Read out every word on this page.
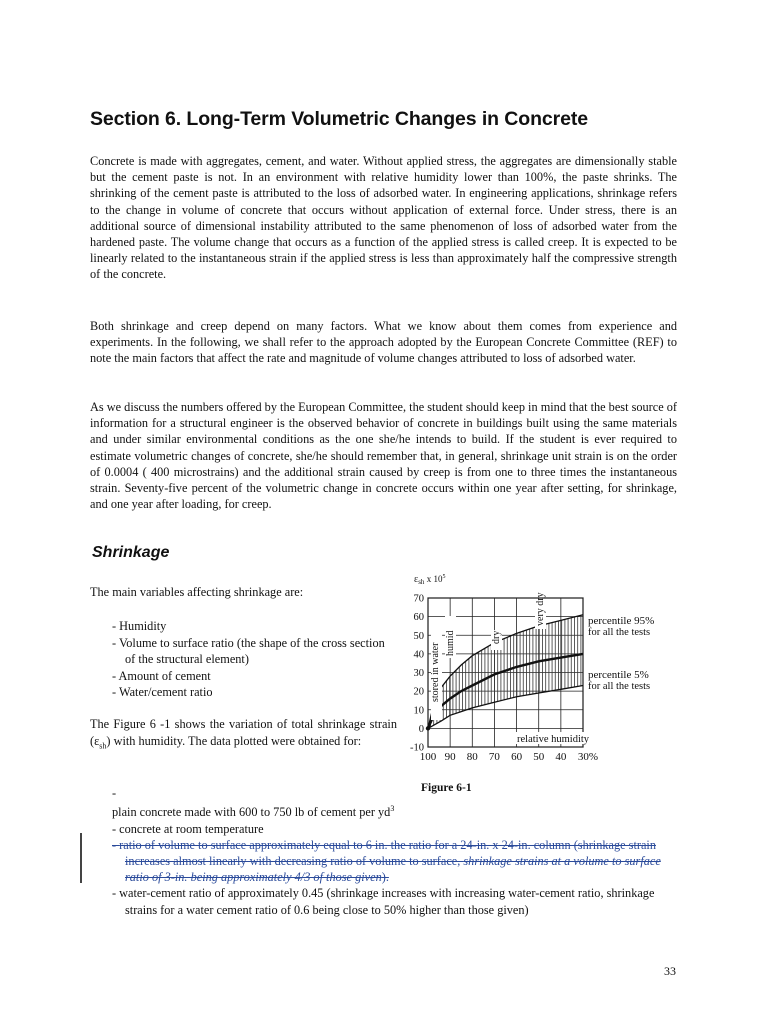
Section 6. Long-Term Volumetric Changes in Concrete

Concrete is made with aggregates, cement, and water. Without applied stress, the aggregates are dimensionally stable but the cement paste is not. In an environment with relative humidity lower than 100%, the paste shrinks. The shrinking of the cement paste is attributed to the loss of adsorbed water. In engineering applications, shrinkage refers to the change in volume of concrete that occurs without application of external force. Under stress, there is an additional source of dimensional instability attributed to the same phenomenon of loss of adsorbed water from the hardened paste. The volume change that occurs as a function of the applied stress is called creep. It is expected to be linearly related to the instantaneous strain if the applied stress is less than approximately half the compressive strength of the concrete.

Both shrinkage and creep depend on many factors. What we know about them comes from experience and experiments. In the following, we shall refer to the approach adopted by the European Concrete Committee (REF) to note the main factors that affect the rate and magnitude of volume changes attributed to loss of adsorbed water.

As we discuss the numbers offered by the European Committee, the student should keep in mind that the best source of information for a structural engineer is the observed behavior of concrete in buildings built using the same materials and under similar environmental conditions as the one she/he intends to build. If the student is ever required to estimate volumetric changes of concrete, she/he should remember that, in general, shrinkage unit strain is on the order of 0.0004 ( 400 microstrains) and the additional strain caused by creep is from one to three times the instantaneous strain. Seventy-five percent of the volumetric change in concrete occurs within one year after setting, for shrinkage, and one year after loading, for creep.

Shrinkage
The main variables affecting shrinkage are:
- Humidity
- Volume to surface ratio (the shape of the cross section of the structural element)
- Amount of cement
- Water/cement ratio

The Figure 6 -1 shows the variation of total shrinkage strain $(\varepsilon_{sh})$ with humidity. The data plotted were obtained for:

-10
0
10
20
30
40
50
60
70
100 90 80 70 60 50 40 30%
$\varepsilon_{sh}$ x $10^5$
relative humidity
stored in water humid	dry
very dry	percentile 95%
for all the tests
percentile 5%
for all the tests
Figure 6-1
- plain concrete made with 600 to 750 lb of cement per $yd^3$
- concrete at room temperature
- ratio of volume to surface approximately equal to 6 in. the ratio for a 24-in. x 24-in. column (shrinkage strain increases almost linearly with decreasing ratio of volume to surface, shrinkage strains at a volume to surface ratio of 3-in. being approximately 4/3 of those given).
- water-cement ratio of approximately 0.45 (shrinkage increases with increasing water-cement ratio, shrinkage strains for a water cement ratio of 0.6 being close to 50% higher than those given)
33
